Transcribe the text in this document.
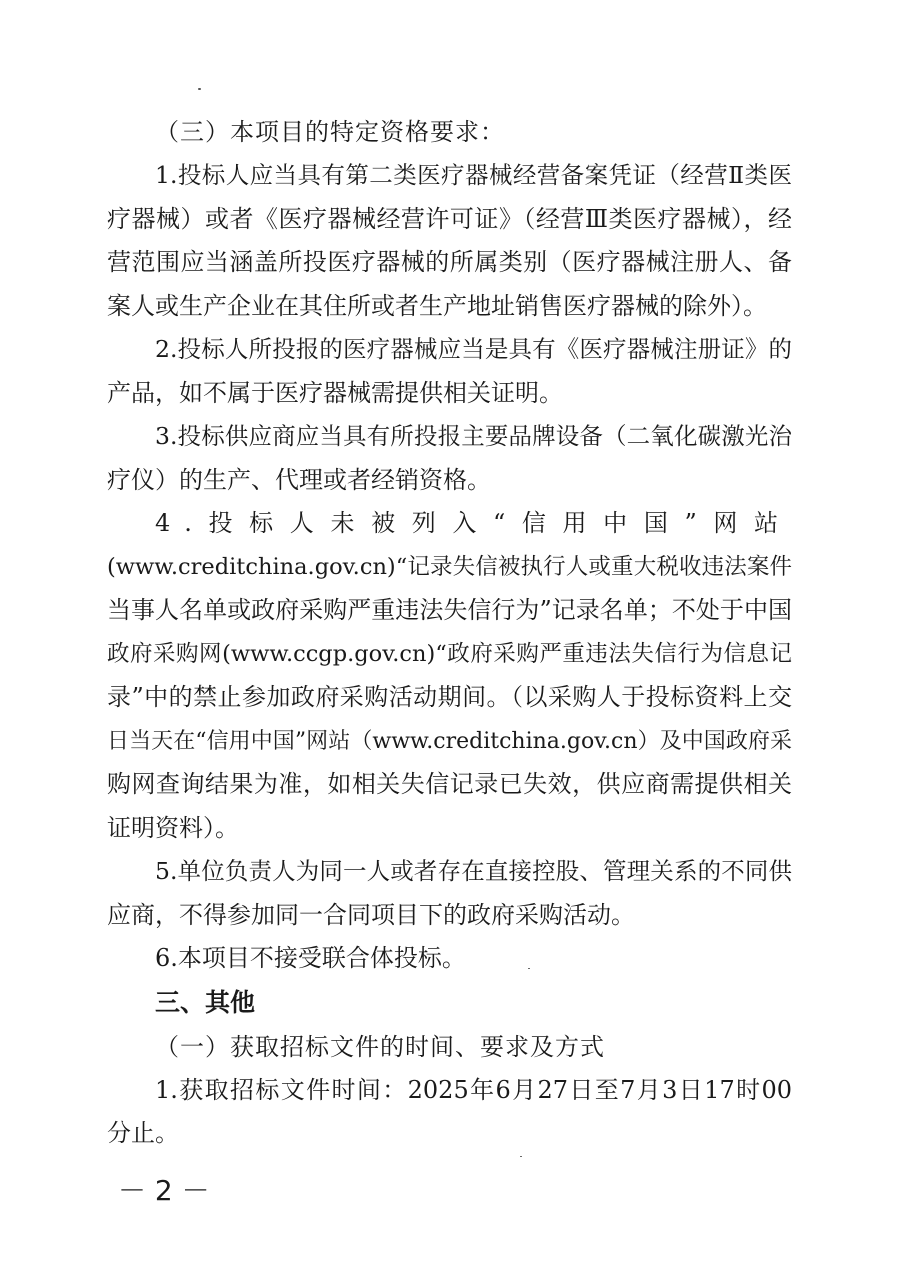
（三）本项目的特定资格要求：
1.投标人应当具有第二类医疗器械经营备案凭证（经营Ⅱ类医
疗器械）或者《医疗器械经营许可证》（经营Ⅲ类医疗器械），经
营范围应当涵盖所投医疗器械的所属类别（医疗器械注册人、备
案人或生产企业在其住所或者生产地址销售医疗器械的除外）。
2.投标人所投报的医疗器械应当是具有《医疗器械注册证》的
产品，如不属于医疗器械需提供相关证明。
3.投标供应商应当具有所投报主要品牌设备（二氧化碳激光治
疗仪）的生产、代理或者经销资格。
4.投标人未被列入“信用中国”网站
(www.creditchina.gov.cn)“记录失信被执行人或重大税收违法案件
当事人名单或政府采购严重违法失信行为”记录名单；不处于中国
政府采购网(www.ccgp.gov.cn)“政府采购严重违法失信行为信息记
录”中的禁止参加政府采购活动期间。（以采购人于投标资料上交
日当天在“信用中国”网站（www.creditchina.gov.cn）及中国政府采
购网查询结果为准，如相关失信记录已失效，供应商需提供相关
证明资料）。
5.单位负责人为同一人或者存在直接控股、管理关系的不同供
应商，不得参加同一合同项目下的政府采购活动。
6.本项目不接受联合体投标。
三、其他
（一）获取招标文件的时间、要求及方式
1.获取招标文件时间：2025年6月27日至7月3日17时00
分止。
－ 2 －
